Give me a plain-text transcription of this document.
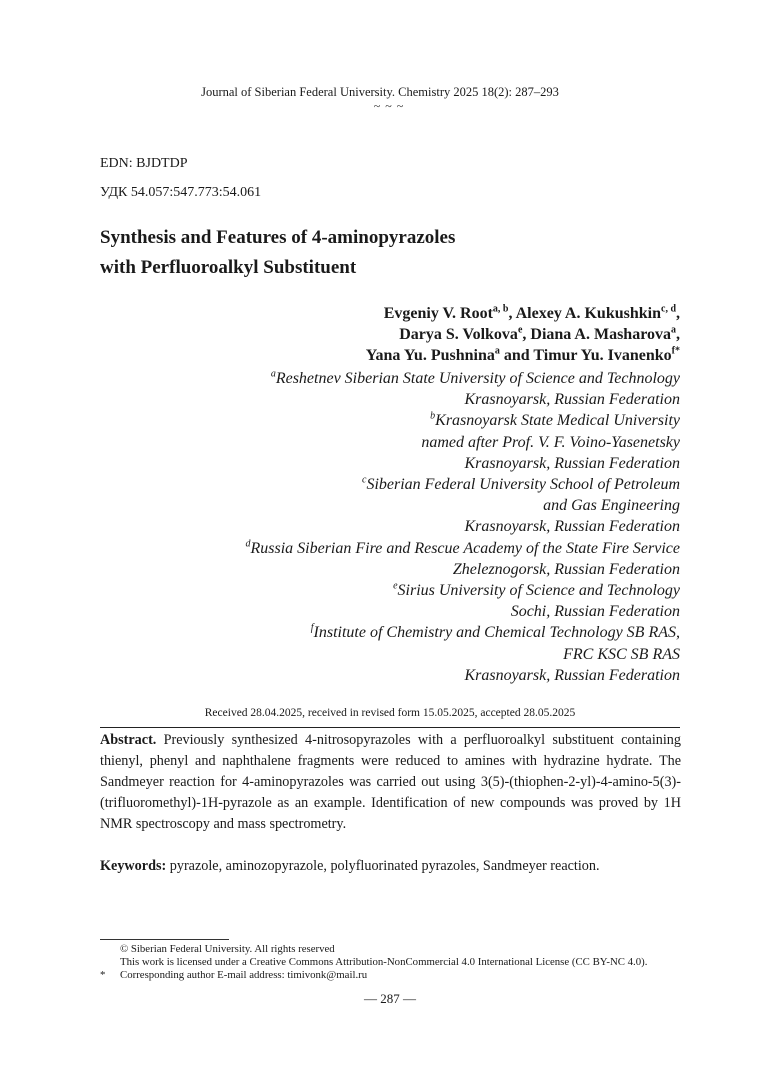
Journal of Siberian Federal University. Chemistry 2025 18(2): 287–293
~ ~ ~
EDN: BJDTDP
УДК 54.057:547.773:54.061
Synthesis and Features of 4-aminopyrazoles
with Perfluoroalkyl Substituent
Evgeniy V. Root$^{a, b}$, Alexey A. Kukushkin$^{c, d}$,
Darya S. Volkova$^e$, Diana A. Masharova$^a$,
Yana Yu. Pushnina$^a$ and Timur Yu. Ivanenko$^{f*}$
$^a$Reshetnev Siberian State University of Science and Technology
Krasnoyarsk, Russian Federation
$^b$Krasnoyarsk State Medical University
named after Prof. V. F. Voino-Yasenetsky
Krasnoyarsk, Russian Federation
$^c$Siberian Federal University School of Petroleum
and Gas Engineering
Krasnoyarsk, Russian Federation
$^d$Russia Siberian Fire and Rescue Academy of the State Fire Service
Zheleznogorsk, Russian Federation
$^e$Sirius University of Science and Technology
Sochi, Russian Federation
$^f$Institute of Chemistry and Chemical Technology SB RAS,
FRC KSC SB RAS
Krasnoyarsk, Russian Federation
Received 28.04.2025, received in revised form 15.05.2025, accepted 28.05.2025
Abstract. Previously synthesized 4-nitrosopyrazoles with a perfluoroalkyl substituent containing thienyl, phenyl and naphthalene fragments were reduced to amines with hydrazine hydrate. The Sandmeyer reaction for 4-aminopyrazoles was carried out using 3(5)-(thiophen-2-yl)-4-amino-5(3)-(trifluoromethyl)-1H-pyrazole as an example. Identification of new compounds was proved by 1H NMR spectroscopy and mass spectrometry.
Keywords: pyrazole, aminozopyrazole, polyfluorinated pyrazoles, Sandmeyer reaction.
© Siberian Federal University. All rights reserved
This work is licensed under a Creative Commons Attribution-NonCommercial 4.0 International License (CC BY-NC 4.0).
* Corresponding author E-mail address: timivonk@mail.ru
— 287 —
